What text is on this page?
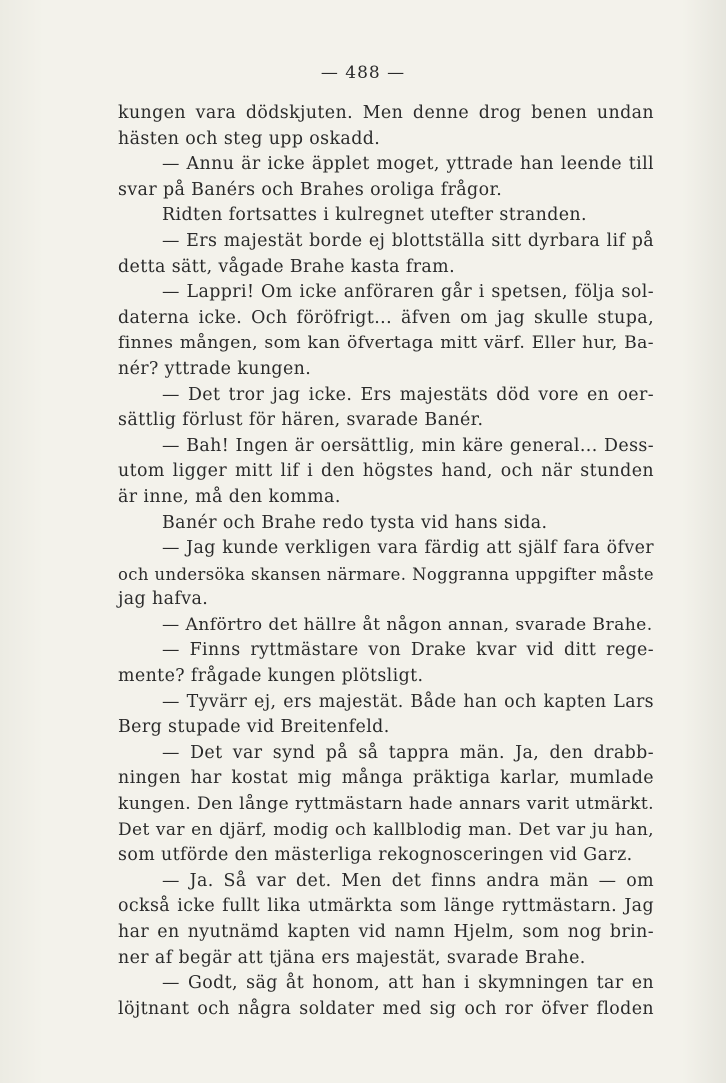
— 488 —
kungen vara dödskjuten. Men denne drog benen undan
hästen och steg upp oskadd.
— Annu är icke äpplet moget, yttrade han leende till
svar på Banérs och Brahes oroliga frågor.
Ridten fortsattes i kulregnet utefter stranden.
— Ers majestät borde ej blottställa sitt dyrbara lif på
detta sätt, vågade Brahe kasta fram.
— Lappri! Om icke anföraren går i spetsen, följa sol-
daterna icke. Och föröfrigt... äfven om jag skulle stupa,
finnes mången, som kan öfvertaga mitt värf. Eller hur, Ba-
nér? yttrade kungen.
— Det tror jag icke. Ers majestäts död vore en oer-
sättlig förlust för hären, svarade Banér.
— Bah! Ingen är oersättlig, min käre general... Dess-
utom ligger mitt lif i den högstes hand, och när stunden
är inne, må den komma.
Banér och Brahe redo tysta vid hans sida.
— Jag kunde verkligen vara färdig att själf fara öfver
och undersöka skansen närmare. Noggranna uppgifter måste
jag hafva.
— Anförtro det hällre åt någon annan, svarade Brahe.
— Finns ryttmästare von Drake kvar vid ditt rege-
mente? frågade kungen plötsligt.
— Tyvärr ej, ers majestät. Både han och kapten Lars
Berg stupade vid Breitenfeld.
— Det var synd på så tappra män. Ja, den drabb-
ningen har kostat mig många präktiga karlar, mumlade
kungen. Den långe ryttmästarn hade annars varit utmärkt.
Det var en djärf, modig och kallblodig man. Det var ju han,
som utförde den mästerliga rekognosceringen vid Garz.
— Ja. Så var det. Men det finns andra män — om
också icke fullt lika utmärkta som länge ryttmästarn. Jag
har en nyutnämd kapten vid namn Hjelm, som nog brin-
ner af begär att tjäna ers majestät, svarade Brahe.
— Godt, säg åt honom, att han i skymningen tar en
löjtnant och några soldater med sig och ror öfver floden
